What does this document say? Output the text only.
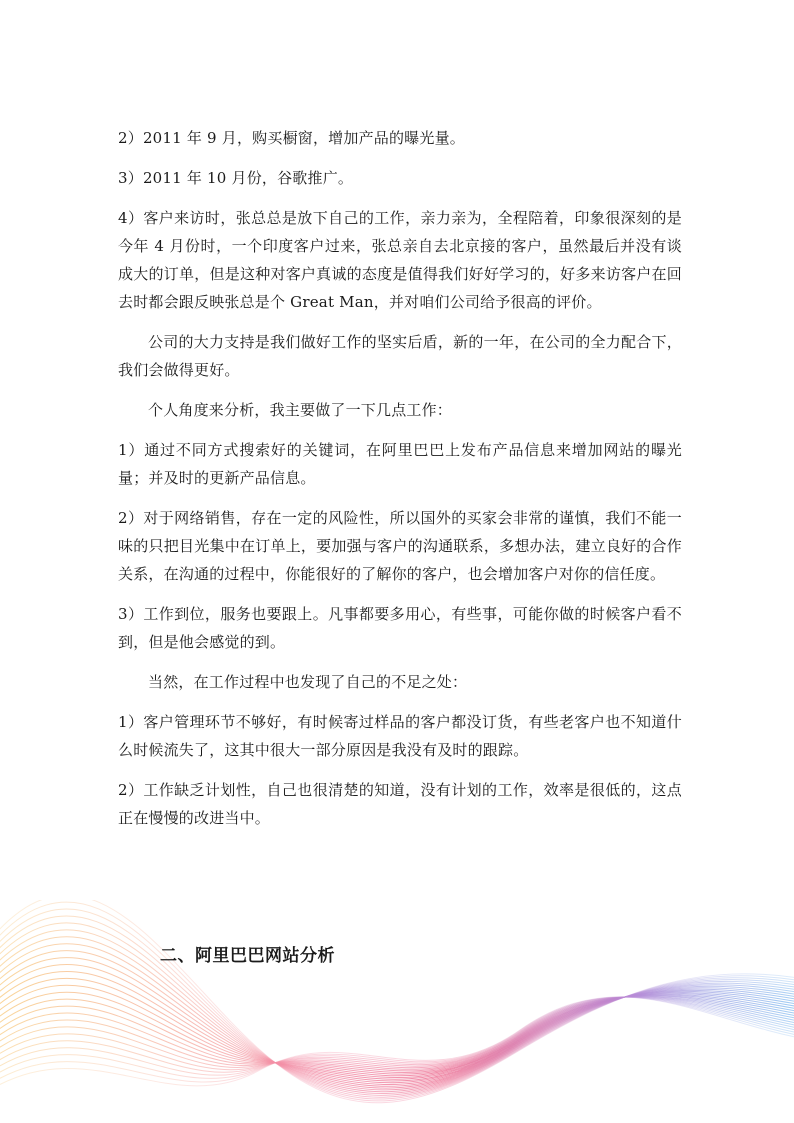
2）2011 年 9 月，购买橱窗，增加产品的曝光量。

3）2011 年 10 月份，谷歌推广。

4）客户来访时，张总总是放下自己的工作，亲力亲为，全程陪着，印象很深刻的是今年 4 月份时，一个印度客户过来，张总亲自去北京接的客户，虽然最后并没有谈成大的订单，但是这种对客户真诚的态度是值得我们好好学习的，好多来访客户在回去时都会跟反映张总是个 Great Man，并对咱们公司给予很高的评价。

公司的大力支持是我们做好工作的坚实后盾，新的一年，在公司的全力配合下，我们会做得更好。

个人角度来分析，我主要做了一下几点工作：

1）通过不同方式搜索好的关键词，在阿里巴巴上发布产品信息来增加网站的曝光量；并及时的更新产品信息。

2）对于网络销售，存在一定的风险性，所以国外的买家会非常的谨慎，我们不能一味的只把目光集中在订单上，要加强与客户的沟通联系，多想办法，建立良好的合作关系，在沟通的过程中，你能很好的了解你的客户，也会增加客户对你的信任度。

3）工作到位，服务也要跟上。凡事都要多用心，有些事，可能你做的时候客户看不到，但是他会感觉的到。

当然，在工作过程中也发现了自己的不足之处：

1）客户管理环节不够好，有时候寄过样品的客户都没订货，有些老客户也不知道什么时候流失了，这其中很大一部分原因是我没有及时的跟踪。

2）工作缺乏计划性，自己也很清楚的知道，没有计划的工作，效率是很低的，这点正在慢慢的改进当中。

二、阿里巴巴网站分析
